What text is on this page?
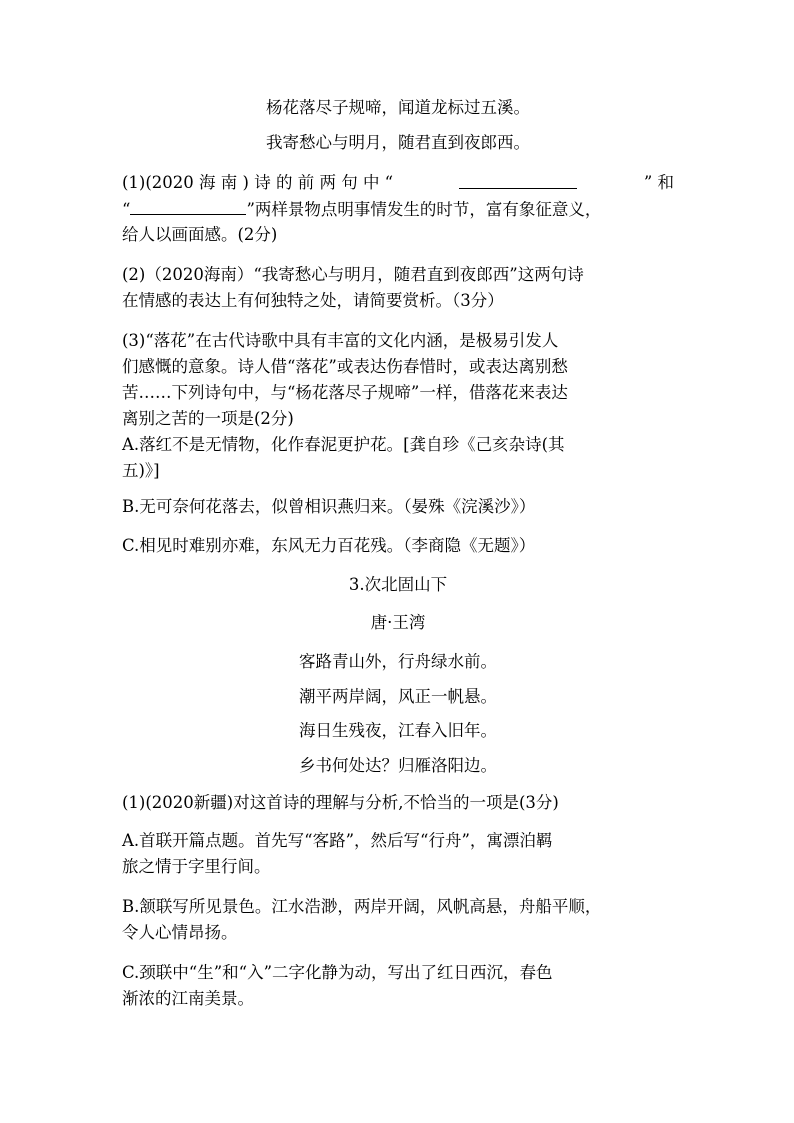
杨花落尽子规啼，闻道龙标过五溪。

我寄愁心与明月，随君直到夜郎西。

(1)(2020 海 南 ) 诗 的 前 两 句 中 “	” 和
“	”两样景物点明事情发生的时节，富有象征意义，

给人以画面感。(2分)

(2)（2020海南）“我寄愁心与明月，随君直到夜郎西”这两句诗

在情感的表达上有何独特之处，请简要赏析。（3分）

(3)“落花”在古代诗歌中具有丰富的文化内涵，是极易引发人

们感慨的意象。诗人借“落花”或表达伤春惜时，或表达离别愁

苦……下列诗句中，与“杨花落尽子规啼”一样，借落花来表达

离别之苦的一项是(2分)

A.落红不是无情物，化作春泥更护花。[龚自珍《己亥杂诗(其

五)》]

B.无可奈何花落去，似曾相识燕归来。（晏殊《浣溪沙》）

C.相见时难别亦难，东风无力百花残。（李商隐《无题》）

3.次北固山下

唐·王湾

客路青山外，行舟绿水前。

潮平两岸阔，风正一帆悬。

海日生残夜，江春入旧年。

乡书何处达？归雁洛阳边。

(1)(2020新疆)对这首诗的理解与分析,不恰当的一项是(3分)

A.首联开篇点题。首先写“客路”，然后写“行舟”，寓漂泊羁

旅之情于字里行间。

B.颔联写所见景色。江水浩渺，两岸开阔，风帆高悬，舟船平顺，

令人心情昂扬。

C.颈联中“生”和“入”二字化静为动，写出了红日西沉，春色

渐浓的江南美景。
